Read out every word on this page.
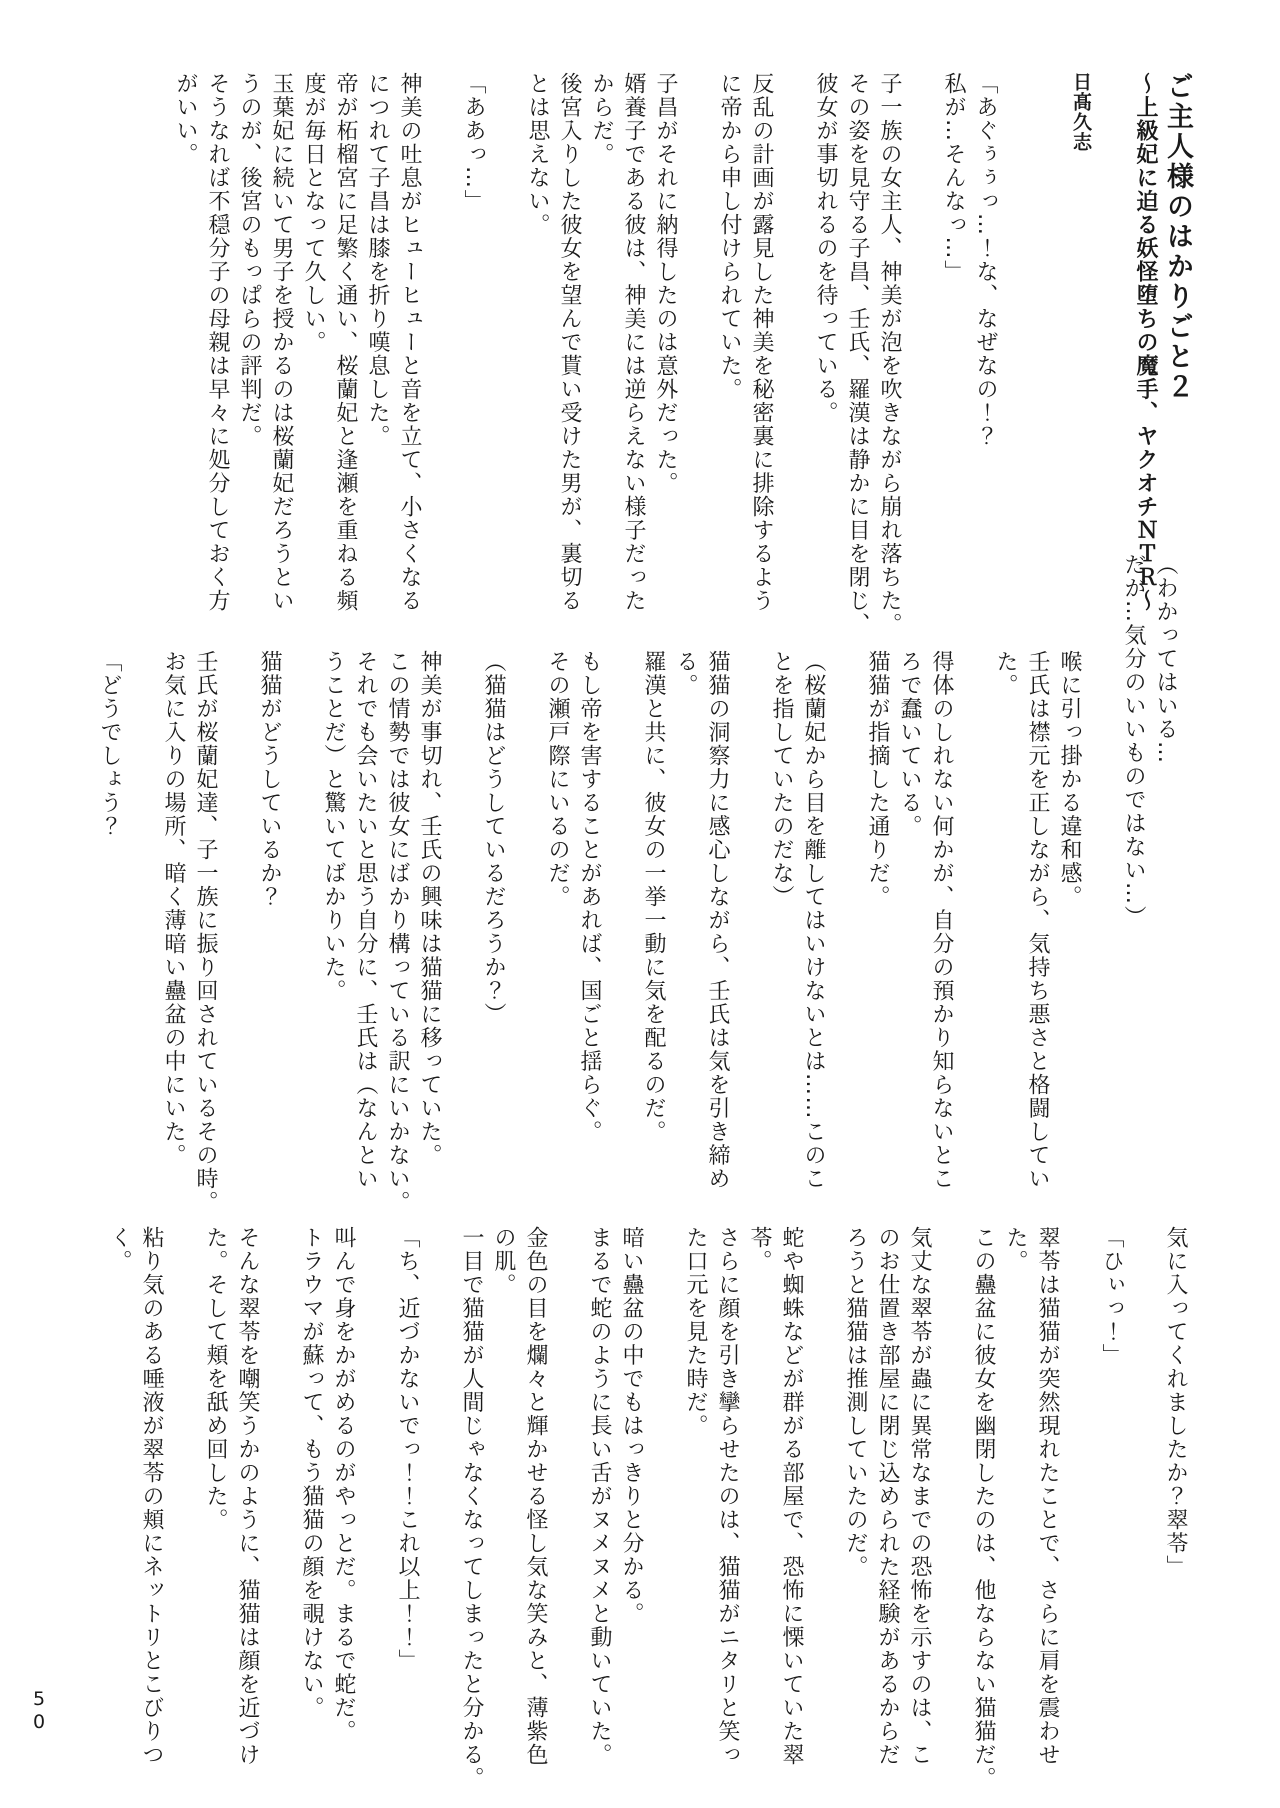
ご主人様のはかりごと２

～上級妃に迫る妖怪堕ちの魔手、ヤクオチＮＴＲ～

日髙久志

「あぐぅぅっ…！な、なぜなの！？

私が…そんなっ…」

子一族の女主人、神美が泡を吹きながら崩れ落ちた。

その姿を見守る子昌、壬氏、羅漢は静かに目を閉じ、

彼女が事切れるのを待っている。

反乱の計画が露見した神美を秘密裏に排除するよう

に帝から申し付けられていた。

子昌がそれに納得したのは意外だった。

婿養子である彼は、神美には逆らえない様子だった

からだ。

後宮入りした彼女を望んで貰い受けた男が、裏切る

とは思えない。

「ああっ…」

神美の吐息がヒューヒューと音を立て、小さくなる

につれて子昌は膝を折り嘆息した。

帝が柘榴宮に足繁く通い、桜蘭妃と逢瀬を重ねる頻

度が毎日となって久しい。

玉葉妃に続いて男子を授かるのは桜蘭妃だろうとい

うのが、後宮のもっぱらの評判だ。

そうなれば不穏分子の母親は早々に処分しておく方

がいい。

（わかってはいる…

だが…気分のいいものではない…）

喉に引っ掛かる違和感。

壬氏は襟元を正しながら、気持ち悪さと格闘してい

た。

得体のしれない何かが、自分の預かり知らないとこ

ろで蠢いている。

猫猫が指摘した通りだ。

（桜蘭妃から目を離してはいけないとは……このこ

とを指していたのだな）

猫猫の洞察力に感心しながら、壬氏は気を引き締め

る。

羅漢と共に、彼女の一挙一動に気を配るのだ。

もし帝を害することがあれば、国ごと揺らぐ。

その瀬戸際にいるのだ。

（猫猫はどうしているだろうか？）

神美が事切れ、壬氏の興味は猫猫に移っていた。

この情勢では彼女にばかり構っている訳にいかない。

それでも会いたいと思う自分に、壬氏は（なんとい

うことだ）と驚いてばかりいた。

猫猫がどうしているか？

壬氏が桜蘭妃達、子一族に振り回されているその時。

お気に入りの場所、暗く薄暗い蠱盆の中にいた。

「どうでしょう？

気に入ってくれましたか？翠苓」

「ひぃっ！」

翠苓は猫猫が突然現れたことで、さらに肩を震わせ

た。

この蠱盆に彼女を幽閉したのは、他ならない猫猫だ。

気丈な翠苓が蟲に異常なまでの恐怖を示すのは、こ

のお仕置き部屋に閉じ込められた経験があるからだ

ろうと猫猫は推測していたのだ。

蛇や蜘蛛などが群がる部屋で、恐怖に慄いていた翠

苓。

さらに顔を引き攣らせたのは、猫猫がニタリと笑っ

た口元を見た時だ。

暗い蠱盆の中でもはっきりと分かる。

まるで蛇のように長い舌がヌメヌメと動いていた。

金色の目を爛々と輝かせる怪し気な笑みと、薄紫色

の肌。

一目で猫猫が人間じゃなくなってしまったと分かる。

「ち、近づかないでっ！！これ以上！！」

叫んで身をかがめるのがやっとだ。まるで蛇だ。

トラウマが蘇って、もう猫猫の顔を覗けない。

そんな翠苓を嘲笑うかのように、猫猫は顔を近づけ

た。そして頬を舐め回した。

粘り気のある唾液が翠苓の頬にネットリとこびりつ

く。

50
